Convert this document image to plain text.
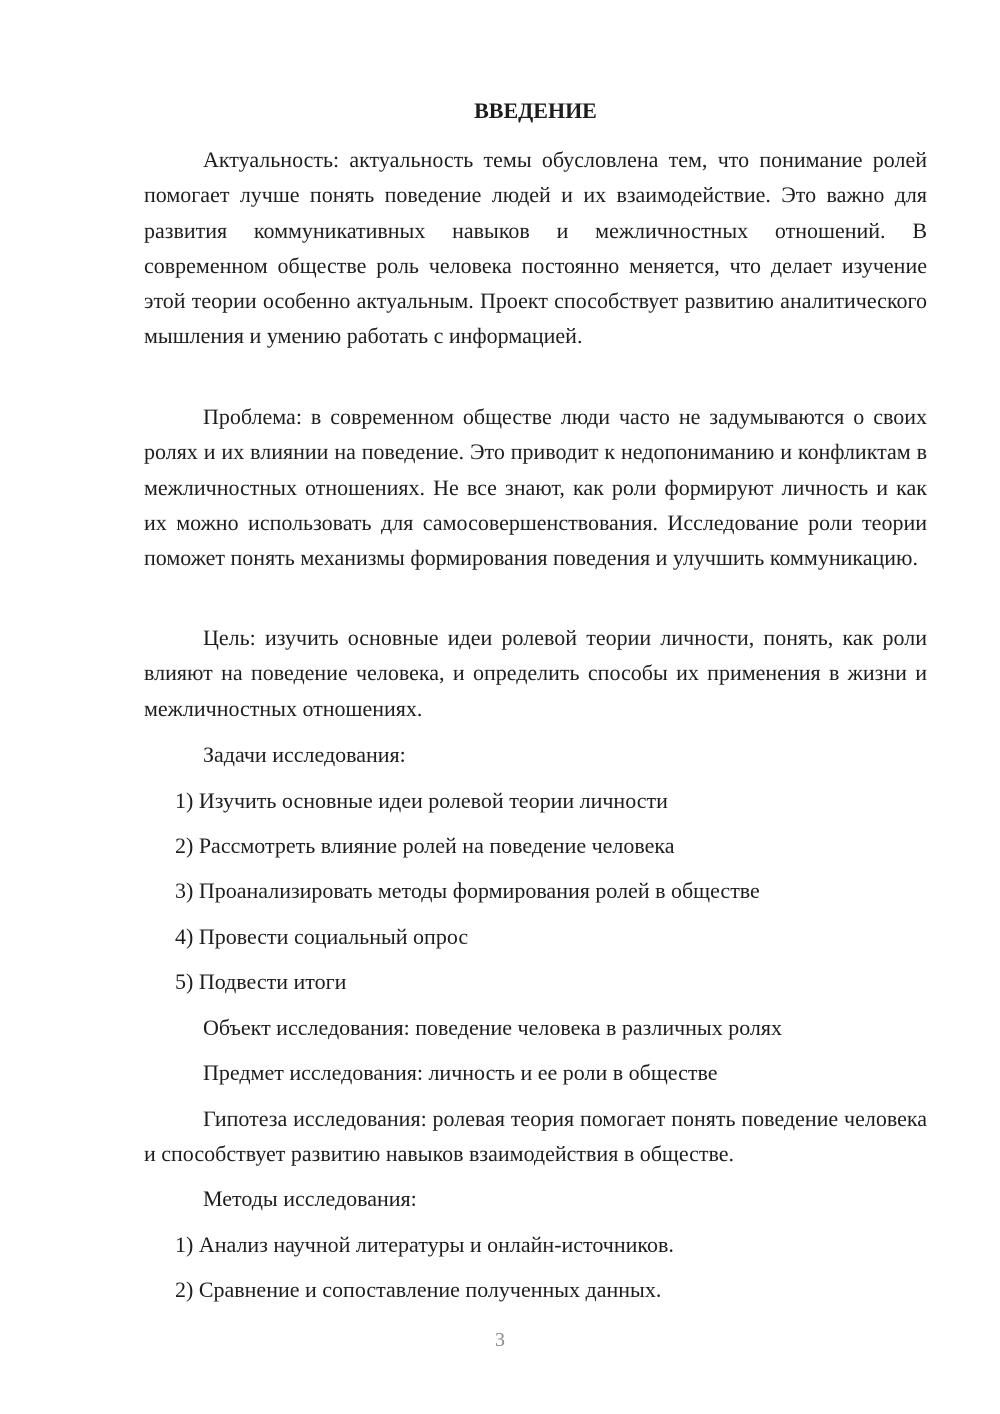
ВВЕДЕНИЕ

Актуальность: актуальность темы обусловлена тем, что понимание ролей помогает лучше понять поведение людей и их взаимодействие. Это важно для развития коммуникативных навыков и межличностных отношений. В современном обществе роль человека постоянно меняется, что делает изучение этой теории особенно актуальным. Проект способствует развитию аналитического мышления и умению работать с информацией.

Проблема: в современном обществе люди часто не задумываются о своих ролях и их влиянии на поведение. Это приводит к недопониманию и конфликтам в межличностных отношениях. Не все знают, как роли формируют личность и как их можно использовать для самосовершенствования. Исследование роли теории поможет понять механизмы формирования поведения и улучшить коммуникацию.

Цель: изучить основные идеи ролевой теории личности, понять, как роли влияют на поведение человека, и определить способы их применения в жизни и межличностных отношениях.

Задачи исследования:
1) Изучить основные идеи ролевой теории личности
2) Рассмотреть влияние ролей на поведение человека
3) Проанализировать методы формирования ролей в обществе
4) Провести социальный опрос
5) Подвести итоги
Объект исследования: поведение человека в различных ролях
Предмет исследования: личность и ее роли в обществе

Гипотеза исследования: ролевая теория помогает понять поведение человека и способствует развитию навыков взаимодействия в обществе.

Методы исследования:
1) Анализ научной литературы и онлайн-источников.
2) Сравнение и сопоставление полученных данных.
3
